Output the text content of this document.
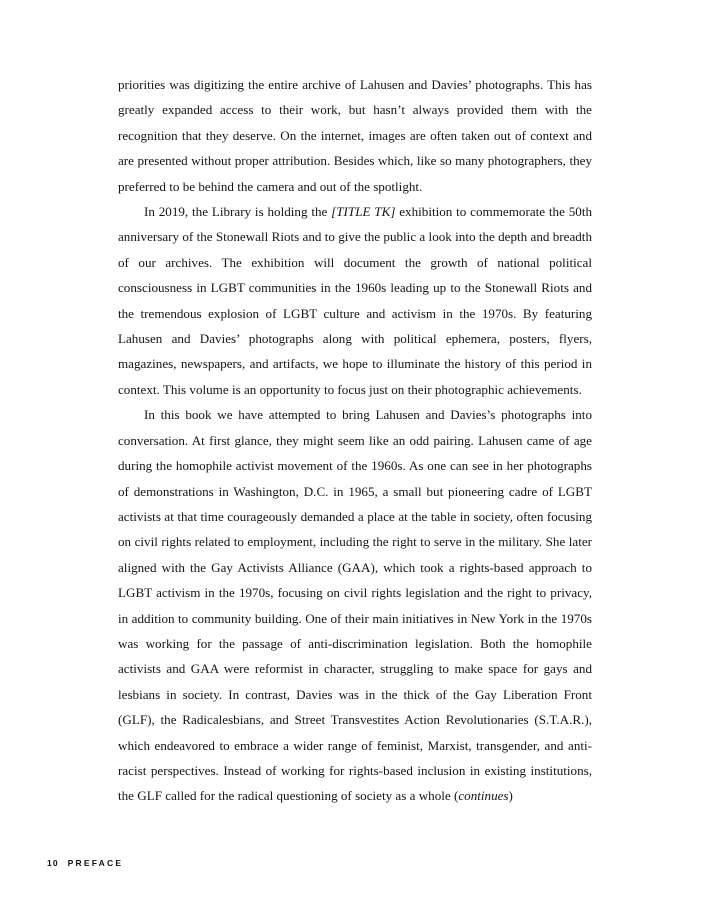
priorities was digitizing the entire archive of Lahusen and Davies’ photographs. This has greatly expanded access to their work, but hasn’t always provided them with the recognition that they deserve. On the internet, images are often taken out of context and are presented without proper attribution. Besides which, like so many photographers, they preferred to be behind the camera and out of the spotlight.

In 2019, the Library is holding the [TITLE TK] exhibition to commemorate the 50th anniversary of the Stonewall Riots and to give the public a look into the depth and breadth of our archives. The exhibition will document the growth of national political consciousness in LGBT communities in the 1960s leading up to the Stonewall Riots and the tremendous explosion of LGBT culture and activism in the 1970s. By featuring Lahusen and Davies’ photographs along with political ephemera, posters, flyers, magazines, newspapers, and artifacts, we hope to illuminate the history of this period in context. This volume is an opportunity to focus just on their photographic achievements.

In this book we have attempted to bring Lahusen and Davies’s photographs into conversation. At first glance, they might seem like an odd pairing. Lahusen came of age during the homophile activist movement of the 1960s. As one can see in her photographs of demonstrations in Washington, D.C. in 1965, a small but pioneering cadre of LGBT activists at that time courageously demanded a place at the table in society, often focusing on civil rights related to employment, including the right to serve in the military. She later aligned with the Gay Activists Alliance (GAA), which took a rights-based approach to LGBT activism in the 1970s, focusing on civil rights legislation and the right to privacy, in addition to community building. One of their main initiatives in New York in the 1970s was working for the passage of anti-discrimination legislation. Both the homophile activists and GAA were reformist in character, struggling to make space for gays and lesbians in society. In contrast, Davies was in the thick of the Gay Liberation Front (GLF), the Radicalesbians, and Street Transvestites Action Revolutionaries (S.T.A.R.), which endeavored to embrace a wider range of feminist, Marxist, transgender, and anti-racist perspectives. Instead of working for rights-based inclusion in existing institutions, the GLF called for the radical questioning of society as a whole (continues)

10 PREFACE
